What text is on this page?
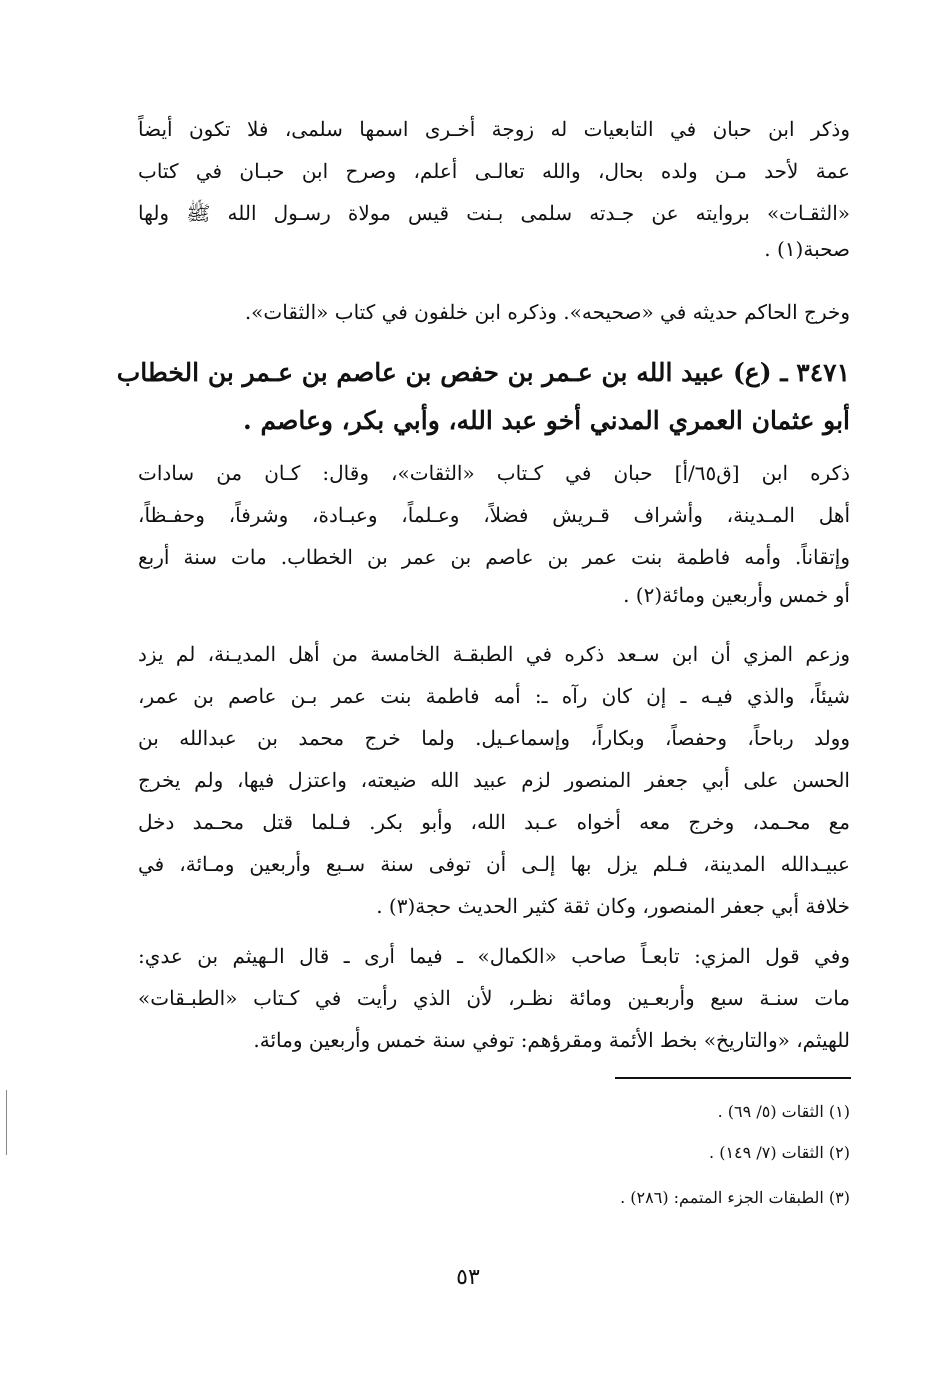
وذكر ابن حبان في التابعيات له زوجة أخـرى اسمها سلمى، فلا تكون أيضاً
عمة لأحد مـن ولده بحال، والله تعالـى أعلم، وصرح ابن حبـان في كتاب
«الثقـات» بروايته عن جـدته سلمى بـنت قيس مولاة رسـول الله ﷺ ولها
صحبة(١) .
وخرج الحاكم حديثه في «صحيحه». وذكره ابن خلفون في كتاب «الثقات».
٣٤٧١ ـ (ع) عبيد الله بن عـمر بن حفص بن عاصم بن عـمر بن الخطاب
أبو عثمان العمري المدني أخو عبد الله، وأبي بكر، وعاصم .
ذكره ابن [ق٦٥/أ] حبان في كـتاب «الثقات»، وقال: كـان من سادات
أهل المـدينة، وأشراف قـريش فضلاً، وعـلماً، وعبـادة، وشرفاً، وحفـظاً،
وإتقاناً. وأمه فاطمة بنت عمر بن عاصم بن عمر بن الخطاب. مات سنة أربع
أو خمس وأربعين ومائة(٢) .
وزعم المزي أن ابن سـعد ذكره في الطبقـة الخامسة من أهل المديـنة، لم يزد
شيئاً، والذي فيـه ـ إن كان رآه ـ: أمه فاطمة بنت عمر بـن عاصم بن عمر،
وولد رباحاً، وحفصاً، وبكاراً، وإسماعـيل. ولما خرج محمد بن عبدالله بن
الحسن على أبي جعفر المنصور لزم عبيد الله ضيعته، واعتزل فيها، ولم يخرج
مع محـمد، وخرج معه أخواه عـبد الله، وأبو بكر. فـلما قتل محـمد دخل
عبيـدالله المدينة، فـلم يزل بها إلـى أن توفى سنة سـبع وأربعين ومـائة، في
خلافة أبي جعفر المنصور، وكان ثقة كثير الحديث حجة(٣) .
وفي قول المزي: تابعـاً صاحب «الكمال» ـ فيما أرى ـ قال الـهيثم بن عدي:
مات سنـة سبع وأربعـين ومائة نظـر، لأن الذي رأيت في كـتاب «الطبـقات»
للهيثم، «والتاريخ» بخط الأئمة ومقرؤهم: توفي سنة خمس وأربعين ومائة.
(١) الثقات (٥/ ٦٩) .
(٢) الثقات (٧/ ١٤٩) .
(٣) الطبقات الجزء المتمم: (٢٨٦) .
٥٣
